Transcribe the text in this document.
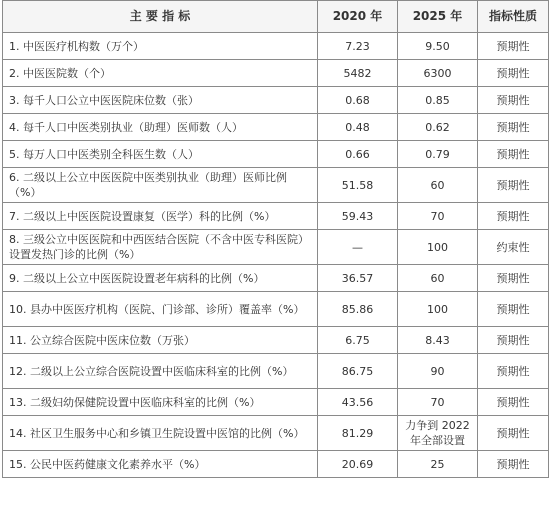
主 要 指 标	2020 年	2025 年	指标性质
1. 中医医疗机构数（万个）	7.23	9.50	预期性
2. 中医医院数（个）	5482	6300	预期性
3. 每千人口公立中医医院床位数（张）	0.68	0.85	预期性
4. 每千人口中医类别执业（助理）医师数（人）	0.48	0.62	预期性
5. 每万人口中医类别全科医生数（人）	0.66	0.79	预期性
6. 二级以上公立中医医院中医类别执业（助理）医师比例（%）	51.58	60	预期性
7. 二级以上中医医院设置康复（医学）科的比例（%）	59.43	70	预期性
8. 三级公立中医医院和中西医结合医院（不含中医专科医院）设置发热门诊的比例（%）	—	100	约束性
9. 二级以上公立中医医院设置老年病科的比例（%）	36.57	60	预期性
10. 县办中医医疗机构（医院、门诊部、诊所）覆盖率（%）	85.86	100	预期性
11. 公立综合医院中医床位数（万张）	6.75	8.43	预期性
12. 二级以上公立综合医院设置中医临床科室的比例（%）	86.75	90	预期性
13. 二级妇幼保健院设置中医临床科室的比例（%）	43.56	70	预期性
14. 社区卫生服务中心和乡镇卫生院设置中医馆的比例（%）	81.29	力争到 2022 年全部设置	预期性
15. 公民中医药健康文化素养水平（%）	20.69	25	预期性
